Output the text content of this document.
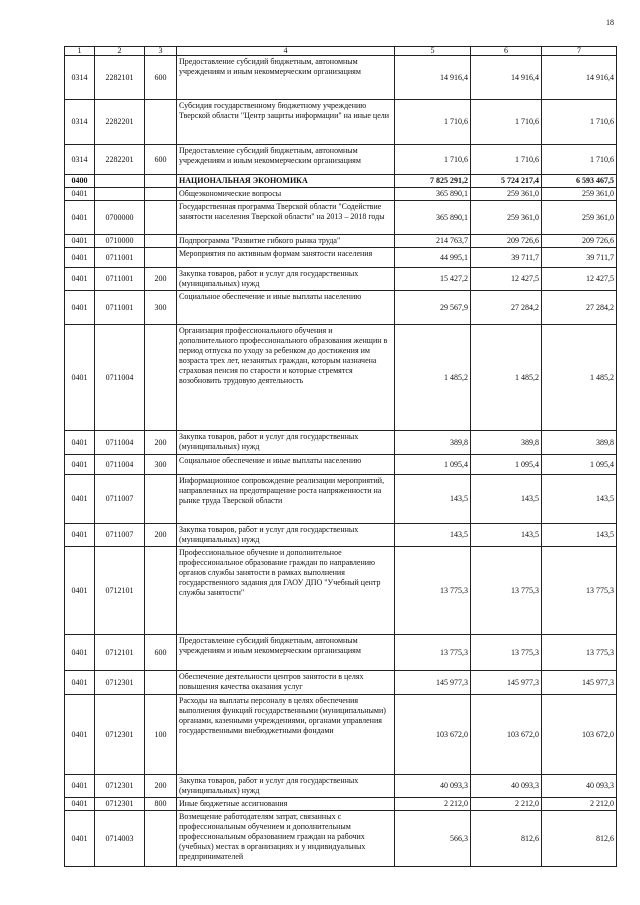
18
1	2	3	4	5	6	7
0314	2282101	600	Предоставление субсидий бюджетным, автономным учреждениям и иным некоммерческим организациям	14 916,4	14 916,4	14 916,4
0314	2282201		Субсидия государственному бюджетному учреждению Тверской области "Центр защиты информации" на иные цели	1 710,6	1 710,6	1 710,6
0314	2282201	600	Предоставление субсидий бюджетным, автономным учреждениям и иным некоммерческим организациям	1 710,6	1 710,6	1 710,6
0400			НАЦИОНАЛЬНАЯ ЭКОНОМИКА	7 825 291,2	5 724 217,4	6 593 467,5
0401			Общеэкономические вопросы	365 890,1	259 361,0	259 361,0
0401	0700000		Государственная программа Тверской области "Содействие занятости населения Тверской области" на 2013 – 2018 годы	365 890,1	259 361,0	259 361,0
0401	0710000		Подпрограмма "Развитие гибкого рынка труда"	214 763,7	209 726,6	209 726,6
0401	0711001		Мероприятия по активным формам занятости населения	44 995,1	39 711,7	39 711,7
0401	0711001	200	Закупка товаров, работ и услуг для государственных (муниципальных) нужд	15 427,2	12 427,5	12 427,5
0401	0711001	300	Социальное обеспечение и иные выплаты населению	29 567,9	27 284,2	27 284,2
0401	0711004		Организация профессионального обучения и дополнительного профессионального образования женщин в период отпуска по уходу за ребенком до достижения им возраста трех лет, незанятых граждан, которым назначена страховая пенсия по старости и которые стремятся возобновить трудовую деятельность	1 485,2	1 485,2	1 485,2
0401	0711004	200	Закупка товаров, работ и услуг для государственных (муниципальных) нужд	389,8	389,8	389,8
0401	0711004	300	Социальное обеспечение и иные выплаты населению	1 095,4	1 095,4	1 095,4
0401	0711007		Информационное сопровождение реализации мероприятий, направленных на предотвращение роста напряженности на рынке труда Тверской области	143,5	143,5	143,5
0401	0711007	200	Закупка товаров, работ и услуг для государственных (муниципальных) нужд	143,5	143,5	143,5
0401	0712101		Профессиональное обучение и дополнительное профессиональное образование граждан по направлению органов службы занятости в рамках выполнения государственного задания для ГАОУ ДПО "Учебный центр службы занятости"	13 775,3	13 775,3	13 775,3
0401	0712101	600	Предоставление субсидий бюджетным, автономным учреждениям и иным некоммерческим организациям	13 775,3	13 775,3	13 775,3
0401	0712301		Обеспечение деятельности центров занятости в целях повышения качества оказания услуг	145 977,3	145 977,3	145 977,3
0401	0712301	100	Расходы на выплаты персоналу в целях обеспечения выполнения функций государственными (муниципальными) органами, казенными учреждениями, органами управления государственными внебюджетными фондами	103 672,0	103 672,0	103 672,0
0401	0712301	200	Закупка товаров, работ и услуг для государственных (муниципальных) нужд	40 093,3	40 093,3	40 093,3
0401	0712301	800	Иные бюджетные ассигнования	2 212,0	2 212,0	2 212,0
0401	0714003		Возмещение работодателям затрат, связанных с профессиональным обучением и дополнительным профессиональным образованием граждан на рабочих (учебных) местах в организациях и у индивидуальных предпринимателей	566,3	812,6	812,6
